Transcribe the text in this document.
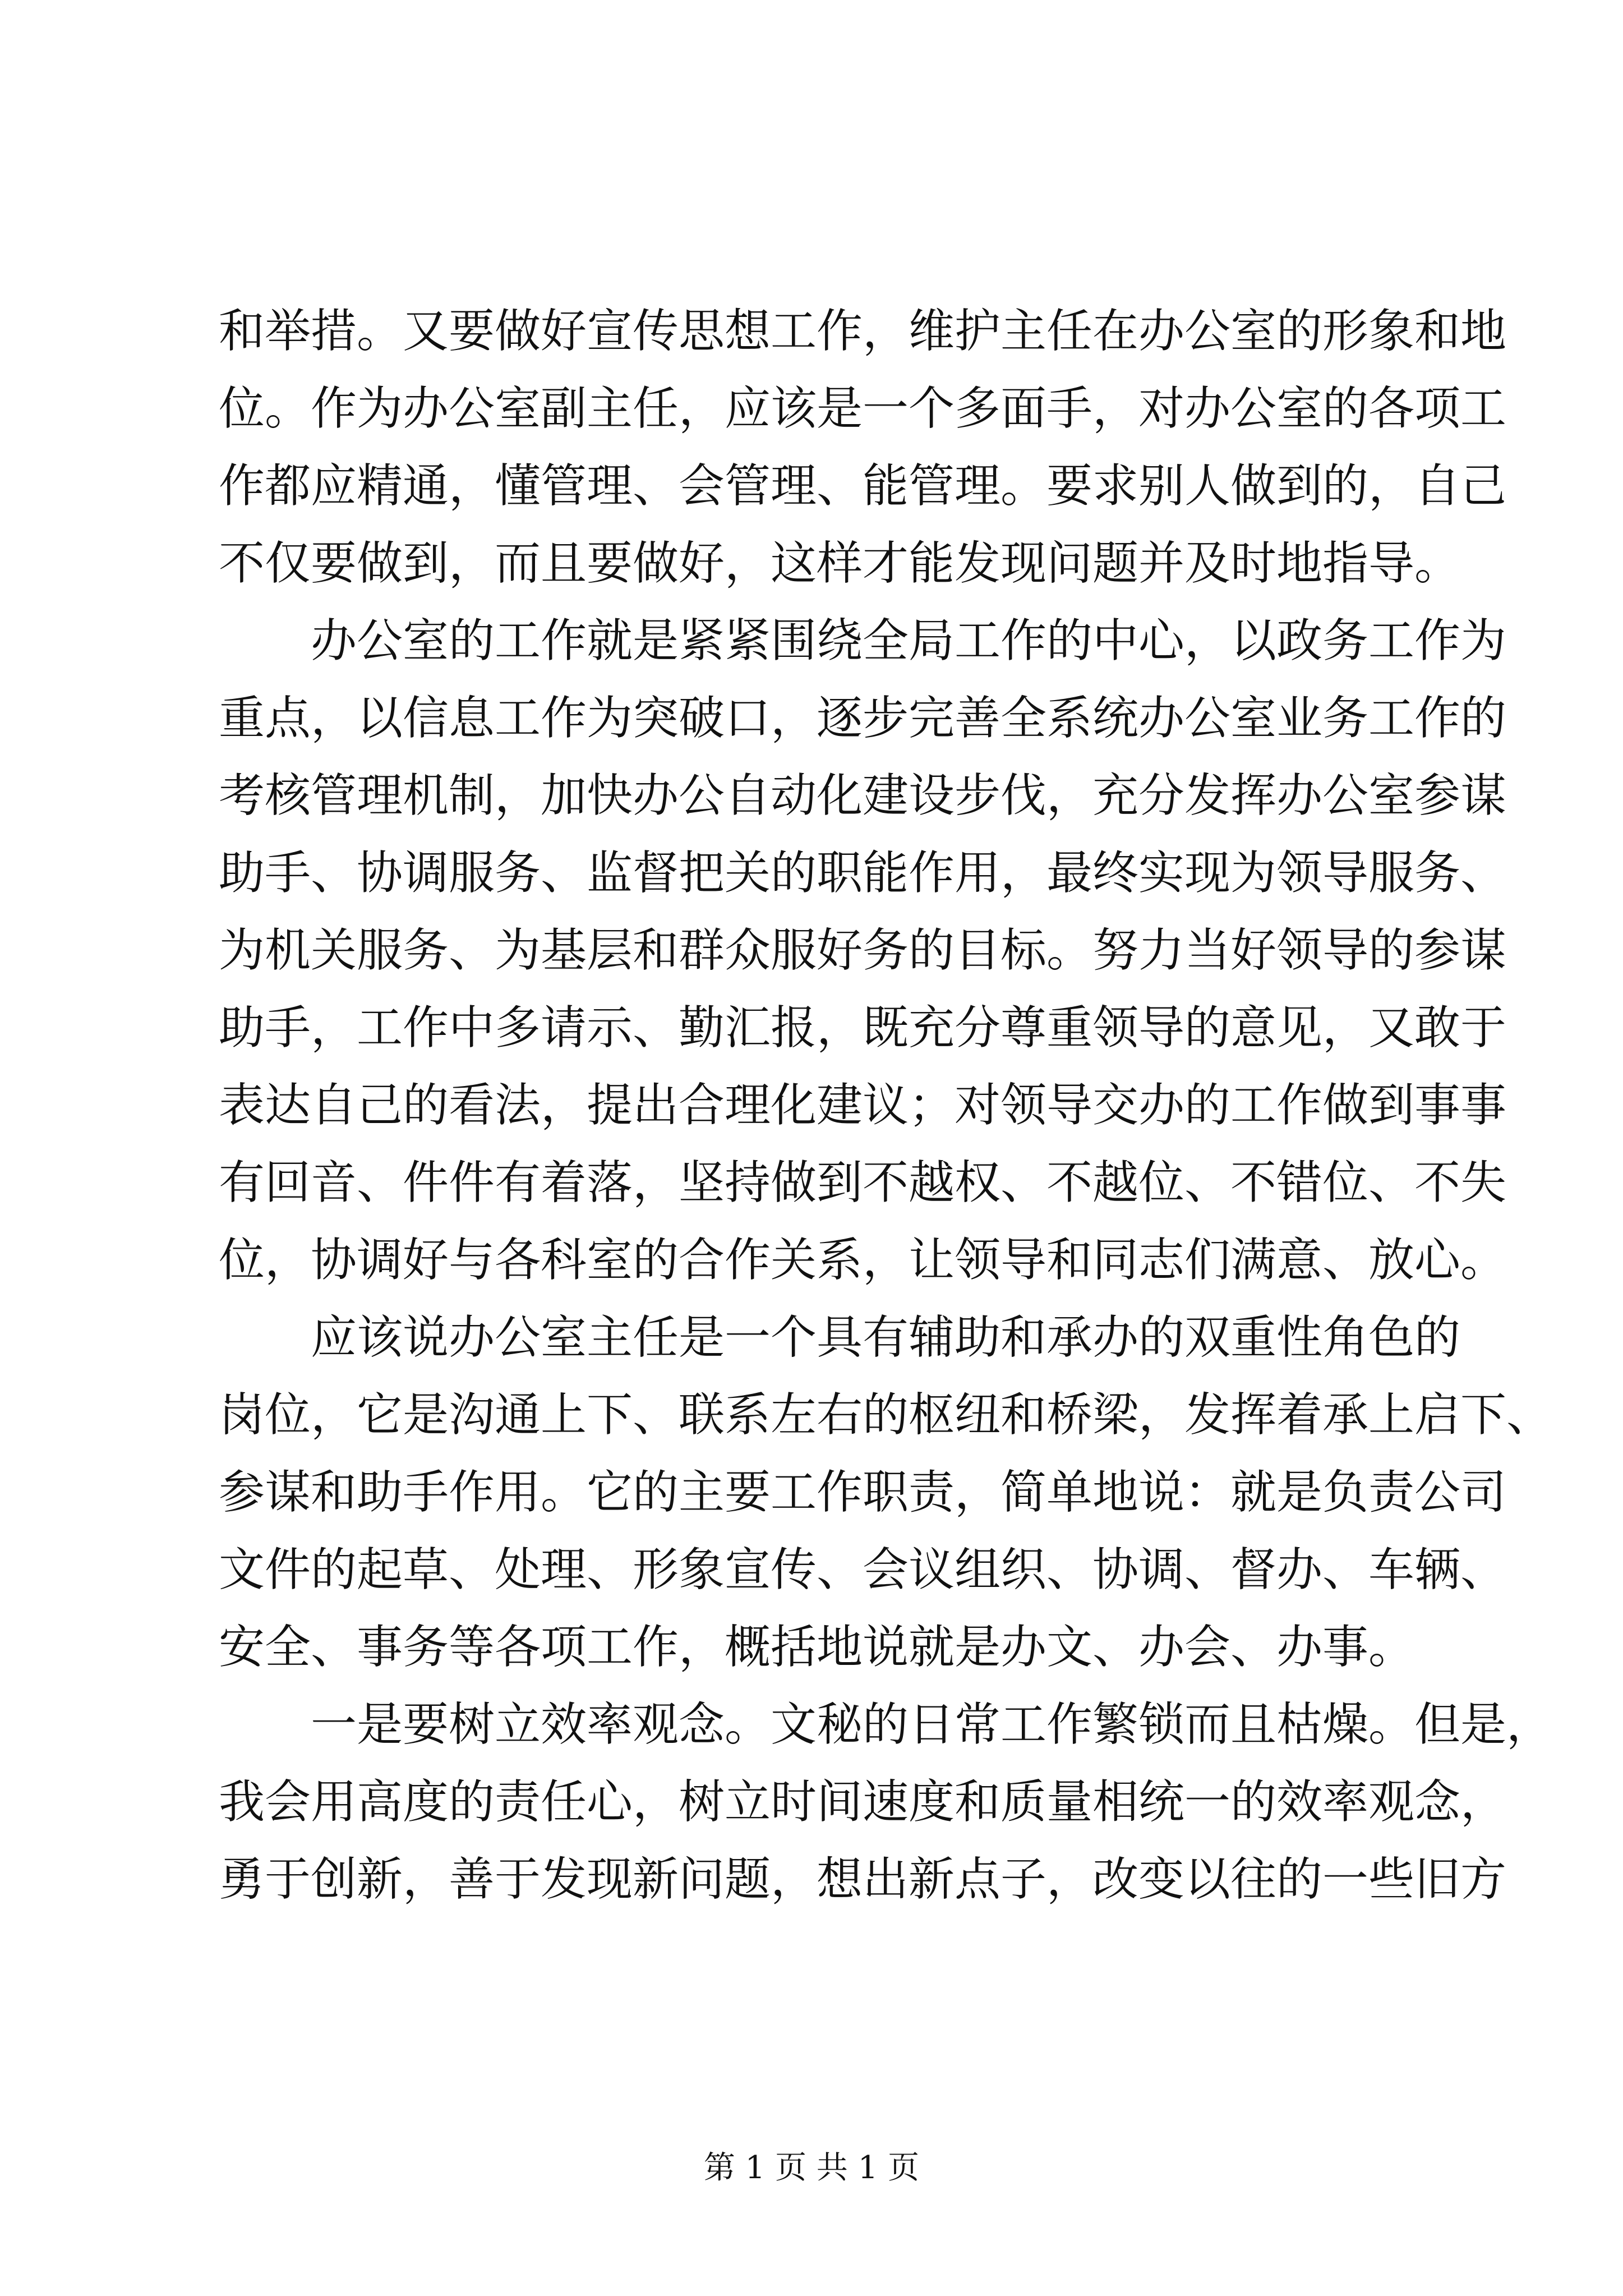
和举措。又要做好宣传思想工作，维护主任在办公室的形象和地
位。作为办公室副主任，应该是一个多面手，对办公室的各项工
作都应精通，懂管理、会管理、能管理。要求别人做到的，自己
不仅要做到，而且要做好，这样才能发现问题并及时地指导。
　　办公室的工作就是紧紧围绕全局工作的中心，以政务工作为
重点，以信息工作为突破口，逐步完善全系统办公室业务工作的
考核管理机制，加快办公自动化建设步伐，充分发挥办公室参谋
助手、协调服务、监督把关的职能作用，最终实现为领导服务、
为机关服务、为基层和群众服好务的目标。努力当好领导的参谋
助手，工作中多请示、勤汇报，既充分尊重领导的意见，又敢于
表达自己的看法，提出合理化建议；对领导交办的工作做到事事
有回音、件件有着落，坚持做到不越权、不越位、不错位、不失
位，协调好与各科室的合作关系，让领导和同志们满意、放心。
　　应该说办公室主任是一个具有辅助和承办的双重性角色的
岗位，它是沟通上下、联系左右的枢纽和桥梁，发挥着承上启下、
参谋和助手作用。它的主要工作职责，简单地说：就是负责公司
文件的起草、处理、形象宣传、会议组织、协调、督办、车辆、
安全、事务等各项工作，概括地说就是办文、办会、办事。
　　一是要树立效率观念。文秘的日常工作繁锁而且枯燥。但是，
我会用高度的责任心，树立时间速度和质量相统一的效率观念，
勇于创新，善于发现新问题，想出新点子，改变以往的一些旧方
第 1 页 共 1 页
